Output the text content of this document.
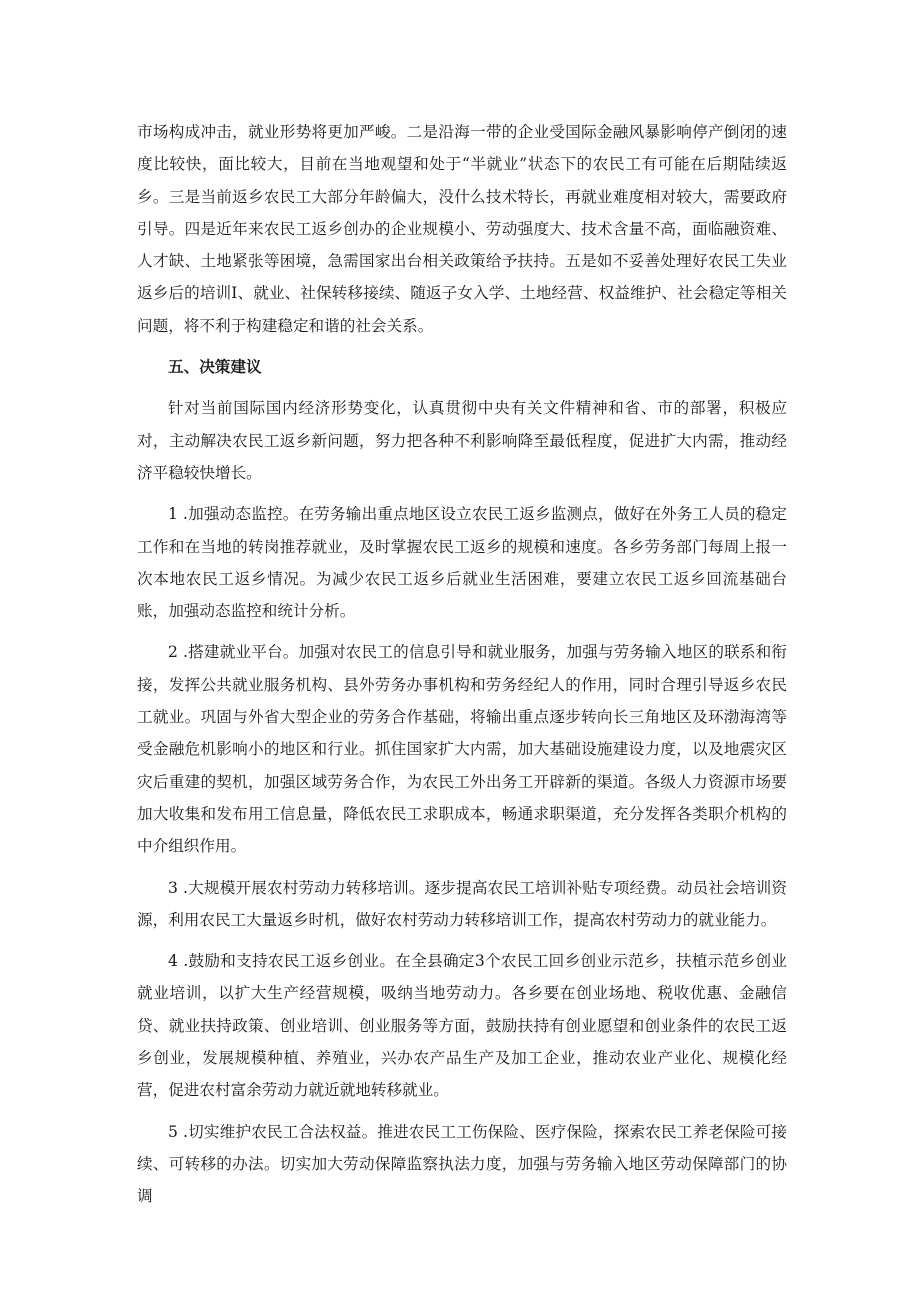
市场构成冲击，就业形势将更加严峻。二是沿海一带的企业受国际金融风暴影响停产倒闭的速度比较快，面比较大，目前在当地观望和处于“半就业”状态下的农民工有可能在后期陆续返乡。三是当前返乡农民工大部分年龄偏大，没什么技术特长，再就业难度相对较大，需要政府引导。四是近年来农民工返乡创办的企业规模小、劳动强度大、技术含量不高，面临融资难、人才缺、土地紧张等困境，急需国家出台相关政策给予扶持。五是如不妥善处理好农民工失业返乡后的培训I、就业、社保转移接续、随返子女入学、土地经营、权益维护、社会稳定等相关问题，将不利于构建稳定和谐的社会关系。

五、决策建议

针对当前国际国内经济形势变化，认真贯彻中央有关文件精神和省、市的部署，积极应对，主动解决农民工返乡新问题，努力把各种不利影响降至最低程度，促进扩大内需，推动经济平稳较快增长。

1 .加强动态监控。在劳务输出重点地区设立农民工返乡监测点，做好在外务工人员的稳定工作和在当地的转岗推荐就业，及时掌握农民工返乡的规模和速度。各乡劳务部门每周上报一次本地农民工返乡情况。为减少农民工返乡后就业生活困难，要建立农民工返乡回流基础台账，加强动态监控和统计分析。

2 .搭建就业平台。加强对农民工的信息引导和就业服务，加强与劳务输入地区的联系和衔接，发挥公共就业服务机构、县外劳务办事机构和劳务经纪人的作用，同时合理引导返乡农民工就业。巩固与外省大型企业的劳务合作基础，将输出重点逐步转向长三角地区及环渤海湾等受金融危机影响小的地区和行业。抓住国家扩大内需，加大基础设施建设力度，以及地震灾区灾后重建的契机，加强区域劳务合作，为农民工外出务工开辟新的渠道。各级人力资源市场要加大收集和发布用工信息量，降低农民工求职成本，畅通求职渠道，充分发挥各类职介机构的中介组织作用。

3 .大规模开展农村劳动力转移培训。逐步提高农民工培训补贴专项经费。动员社会培训资源，利用农民工大量返乡时机，做好农村劳动力转移培训工作，提高农村劳动力的就业能力。

4 .鼓励和支持农民工返乡创业。在全县确定3个农民工回乡创业示范乡，扶植示范乡创业就业培训，以扩大生产经营规模，吸纳当地劳动力。各乡要在创业场地、税收优惠、金融信贷、就业扶持政策、创业培训、创业服务等方面，鼓励扶持有创业愿望和创业条件的农民工返乡创业，发展规模种植、养殖业，兴办农产品生产及加工企业，推动农业产业化、规模化经营，促进农村富余劳动力就近就地转移就业。

5 .切实维护农民工合法权益。推进农民工工伤保险、医疗保险，探索农民工养老保险可接续、可转移的办法。切实加大劳动保障监察执法力度，加强与劳务输入地区劳动保障部门的协调
